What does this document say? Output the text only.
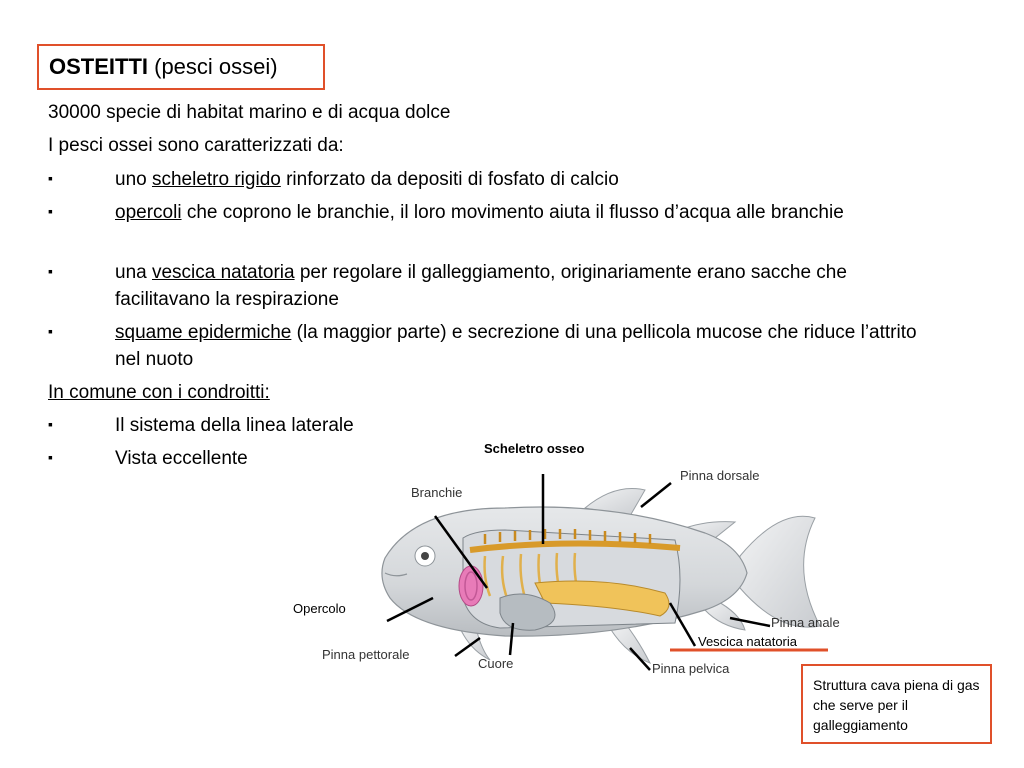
OSTEITTI (pesci ossei)
30000 specie di habitat marino e di acqua dolce
I pesci ossei sono caratterizzati da:
▪	uno scheletro rigido rinforzato da depositi di fosfato di calcio
▪	opercoli che coprono le branchie, il loro movimento aiuta il flusso d’acqua alle branchie
▪	una vescica natatoria per regolare il galleggiamento, originariamente erano sacche che facilitavano la respirazione
▪	squame epidermiche (la maggior parte) e secrezione di una pellicola mucose che riduce l’attrito nel nuoto
In comune con i condroitti:
▪	Il sistema della linea laterale
▪	Vista eccellente	Scheletro osseo
Pinna dorsale
Branchie
Opercolo
Pinna anale
Vescica natatoria
Pinna pettorale
Cuore	Pinna pelvica
Struttura cava piena di gas che serve per il galleggiamento
